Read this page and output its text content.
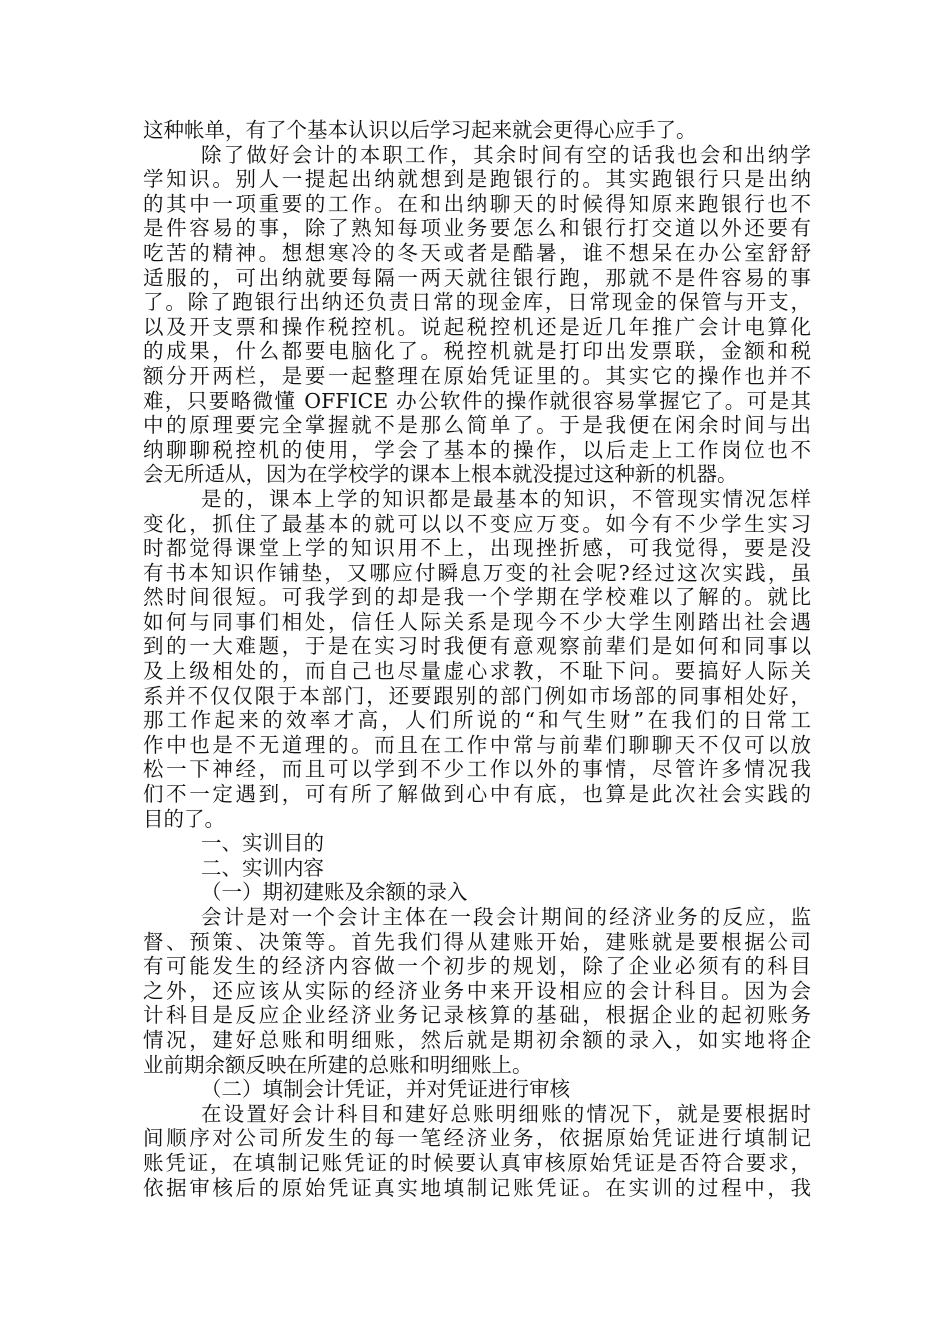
这种帐单，有了个基本认识以后学习起来就会更得心应手了。
除了做好会计的本职工作，其余时间有空的话我也会和出纳学
学知识。别人一提起出纳就想到是跑银行的。其实跑银行只是出纳
的其中一项重要的工作。在和出纳聊天的时候得知原来跑银行也不
是件容易的事，除了熟知每项业务要怎么和银行打交道以外还要有
吃苦的精神。想想寒冷的冬天或者是酷暑，谁不想呆在办公室舒舒
适服的，可出纳就要每隔一两天就往银行跑，那就不是件容易的事
了。除了跑银行出纳还负责日常的现金库，日常现金的保管与开支，
以及开支票和操作税控机。说起税控机还是近几年推广会计电算化
的成果，什么都要电脑化了。税控机就是打印出发票联，金额和税
额分开两栏，是要一起整理在原始凭证里的。其实它的操作也并不
难，只要略微懂 OFFICE 办公软件的操作就很容易掌握它了。可是其
中的原理要完全掌握就不是那么简单了。于是我便在闲余时间与出
纳聊聊税控机的使用，学会了基本的操作，以后走上工作岗位也不
会无所适从，因为在学校学的课本上根本就没提过这种新的机器。
是的，课本上学的知识都是最基本的知识，不管现实情况怎样
变化，抓住了最基本的就可以以不变应万变。如今有不少学生实习
时都觉得课堂上学的知识用不上，出现挫折感，可我觉得，要是没
有书本知识作铺垫，又哪应付瞬息万变的社会呢?经过这次实践，虽
然时间很短。可我学到的却是我一个学期在学校难以了解的。就比
如何与同事们相处，信任人际关系是现今不少大学生刚踏出社会遇
到的一大难题，于是在实习时我便有意观察前辈们是如何和同事以
及上级相处的，而自己也尽量虚心求教，不耻下问。要搞好人际关
系并不仅仅限于本部门，还要跟别的部门例如市场部的同事相处好，
那工作起来的效率才高，人们所说的“和气生财”在我们的日常工
作中也是不无道理的。而且在工作中常与前辈们聊聊天不仅可以放
松一下神经，而且可以学到不少工作以外的事情，尽管许多情况我
们不一定遇到，可有所了解做到心中有底，也算是此次社会实践的
目的了。
一、实训目的
二、实训内容
（一）期初建账及余额的录入
会计是对一个会计主体在一段会计期间的经济业务的反应，监
督、预策、决策等。首先我们得从建账开始，建账就是要根据公司
有可能发生的经济内容做一个初步的规划，除了企业必须有的科目
之外，还应该从实际的经济业务中来开设相应的会计科目。因为会
计科目是反应企业经济业务记录核算的基础，根据企业的起初账务
情况，建好总账和明细账，然后就是期初余额的录入，如实地将企
业前期余额反映在所建的总账和明细账上。
（二）填制会计凭证，并对凭证进行审核
在设置好会计科目和建好总账明细账的情况下，就是要根据时
间顺序对公司所发生的每一笔经济业务，依据原始凭证进行填制记
账凭证，在填制记账凭证的时候要认真审核原始凭证是否符合要求，
依据审核后的原始凭证真实地填制记账凭证。在实训的过程中，我
